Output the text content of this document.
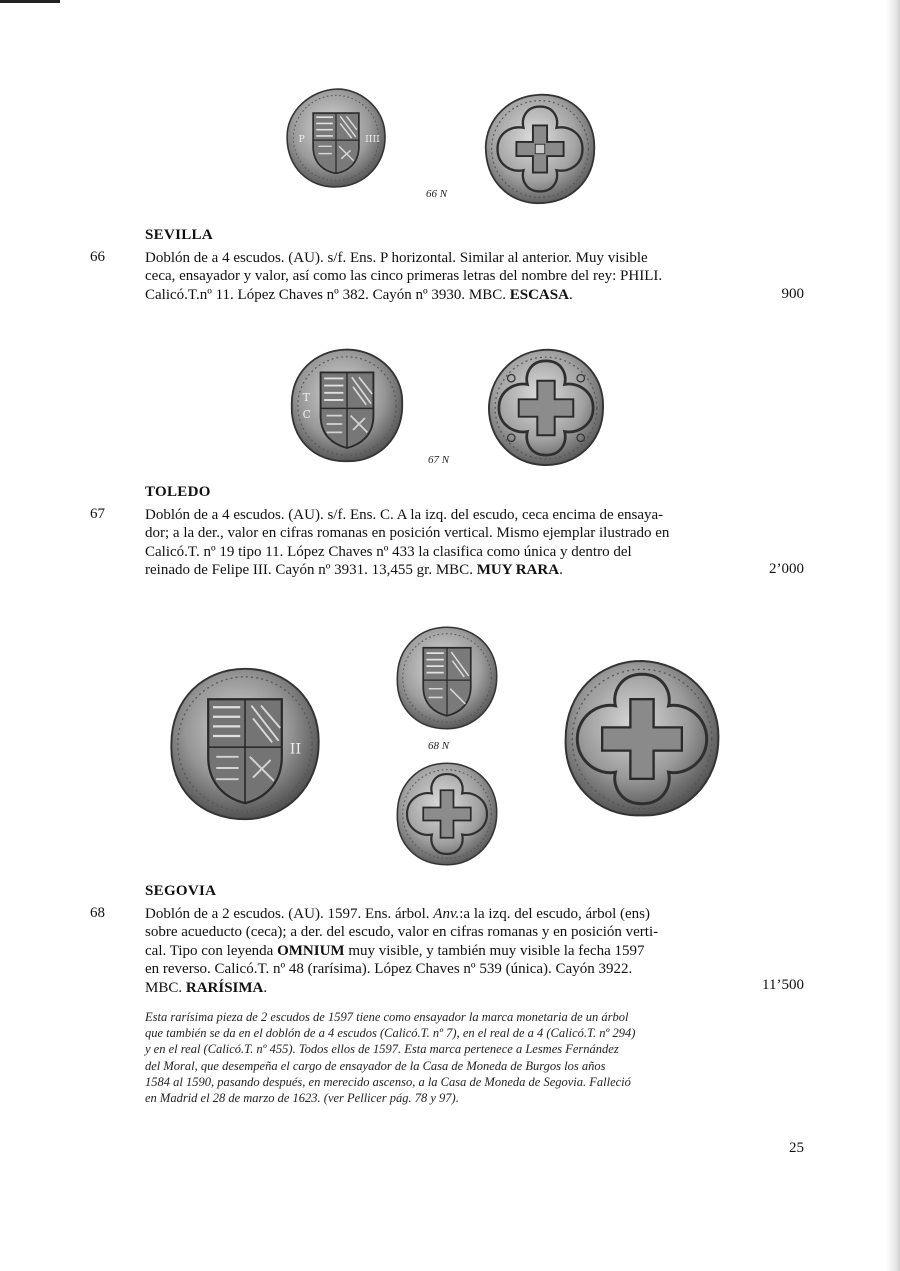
P	IIII
66 N
SEVILLA
66	Doblón de a 4 escudos. (AU). s/f. Ens. P horizontal. Similar al anterior. Muy visible
ceca, ensayador y valor, así como las cinco primeras letras del nombre del rey: PHILI.
Calicó.T.nº 11. López Chaves nº 382. Cayón nº 3930. MBC. ESCASA.	900
T
C
67 N
TOLEDO
67	Doblón de a 4 escudos. (AU). s/f. Ens. C. A la izq. del escudo, ceca encima de ensaya-
dor; a la der., valor en cifras romanas en posición vertical. Mismo ejemplar ilustrado en
Calicó.T. nº 19 tipo 11. López Chaves nº 433 la clasifica como única y dentro del
reinado de Felipe III. Cayón nº 3931. 13,455 gr. MBC. MUY RARA.	2’000
II	68 N
SEGOVIA
68	Doblón de a 2 escudos. (AU). 1597. Ens. árbol. Anv.:a la izq. del escudo, árbol (ens)
sobre acueducto (ceca); a der. del escudo, valor en cifras romanas y en posición verti-
cal. Tipo con leyenda OMNIUM muy visible, y también muy visible la fecha 1597
en reverso. Calicó.T. nº 48 (rarísima). López Chaves nº 539 (única). Cayón 3922.
MBC. RARÍSIMA.	11’500
Esta rarísima pieza de 2 escudos de 1597 tiene como ensayador la marca monetaria de un árbol
que también se da en el doblón de a 4 escudos (Calicó.T. nº 7), en el real de a 4 (Calicó.T. nº 294)
y en el real (Calicó.T. nº 455). Todos ellos de 1597. Esta marca pertenece a Lesmes Fernández
del Moral, que desempeña el cargo de ensayador de la Casa de Moneda de Burgos los años
1584 al 1590, pasando después, en merecido ascenso, a la Casa de Moneda de Segovia. Falleció
en Madrid el 28 de marzo de 1623. (ver Pellicer pág. 78 y 97).
25
